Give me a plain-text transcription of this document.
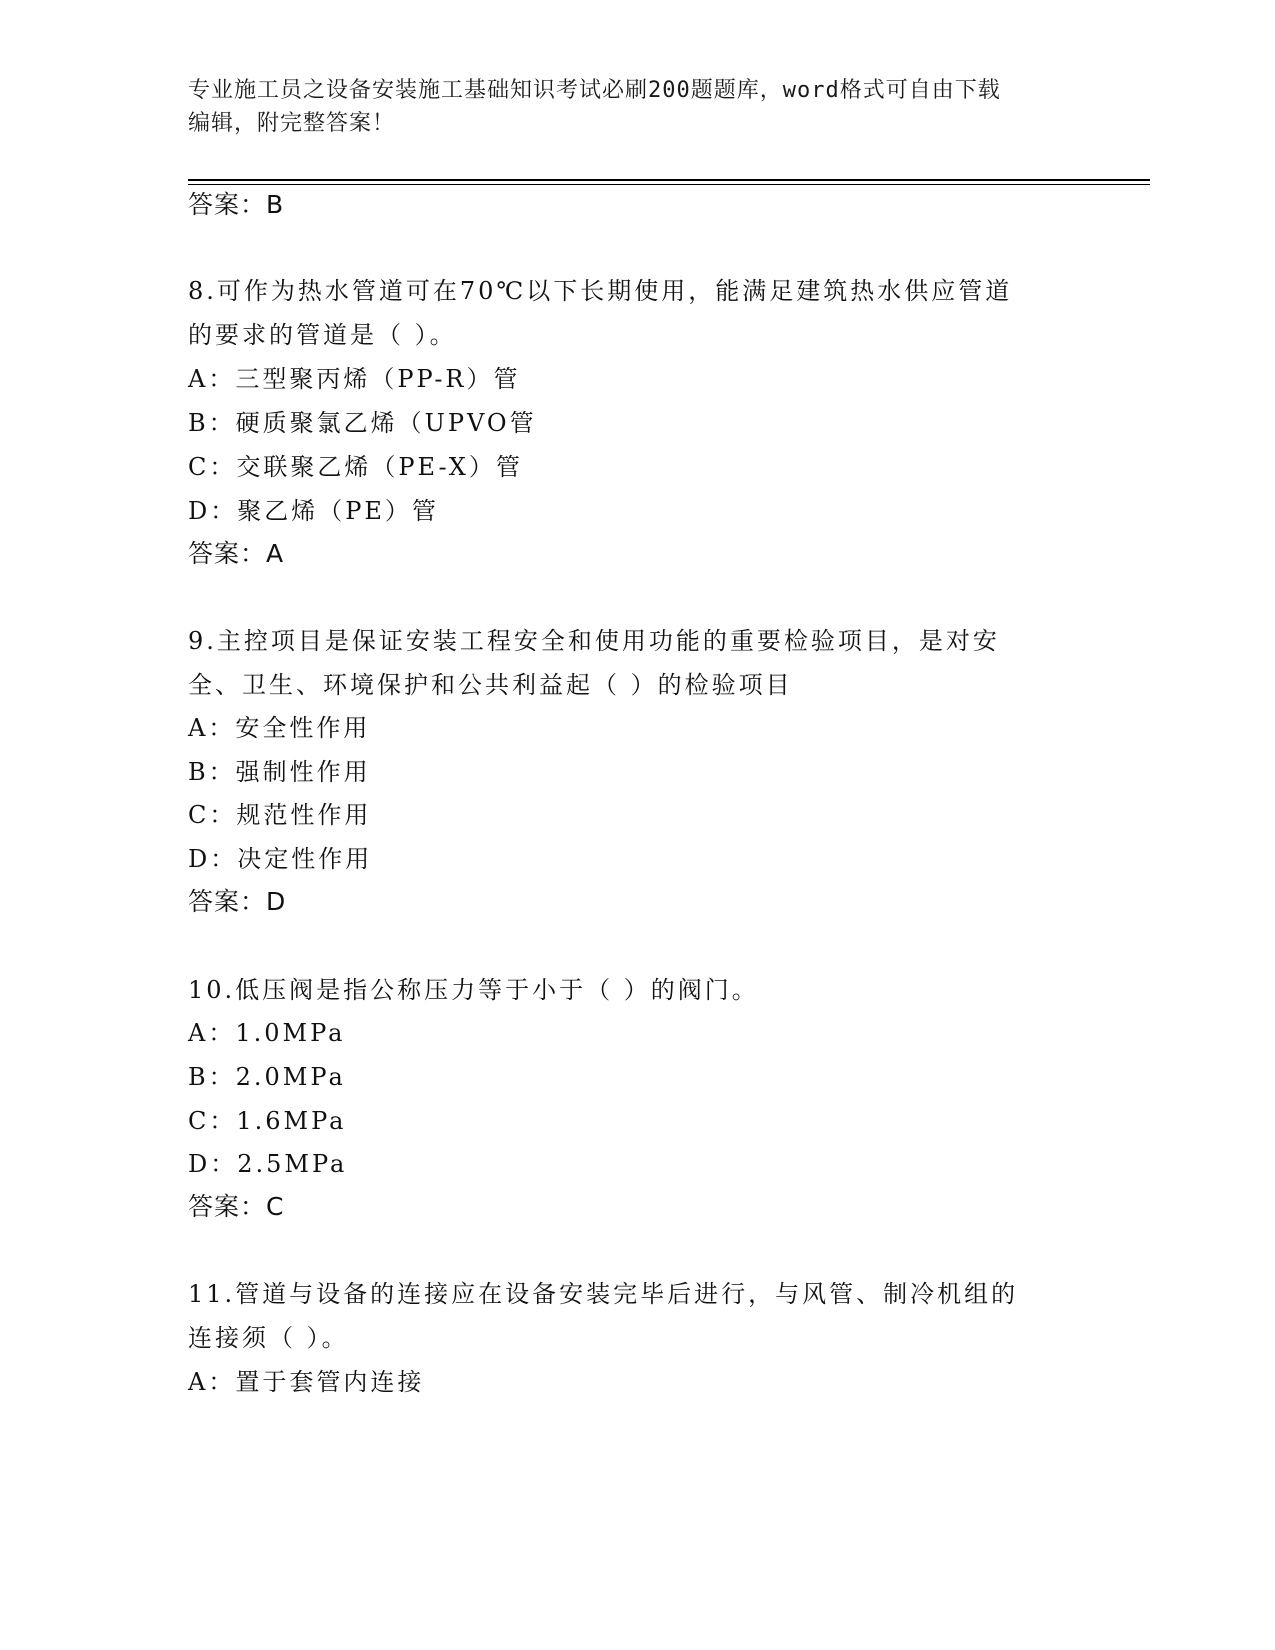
专业施工员之设备安装施工基础知识考试必刷200题题库，word格式可自由下载
编辑，附完整答案！
答案：B
8.可作为热水管道可在70℃以下长期使用，能满足建筑热水供应管道
的要求的管道是（ ）。
A：三型聚丙烯（PP-R）管
B：硬质聚氯乙烯（UPVO管
C：交联聚乙烯（PE-X）管
D：聚乙烯（PE）管
答案：A
9.主控项目是保证安装工程安全和使用功能的重要检验项目，是对安
全、卫生、环境保护和公共利益起（ ）的检验项目
A：安全性作用
B：强制性作用
C：规范性作用
D：决定性作用
答案：D
10.低压阀是指公称压力等于小于（ ）的阀门。
A：1.0MPa
B：2.0MPa
C：1.6MPa
D：2.5MPa
答案：C
11.管道与设备的连接应在设备安装完毕后进行，与风管、制冷机组的
连接须（ ）。
A：置于套管内连接
